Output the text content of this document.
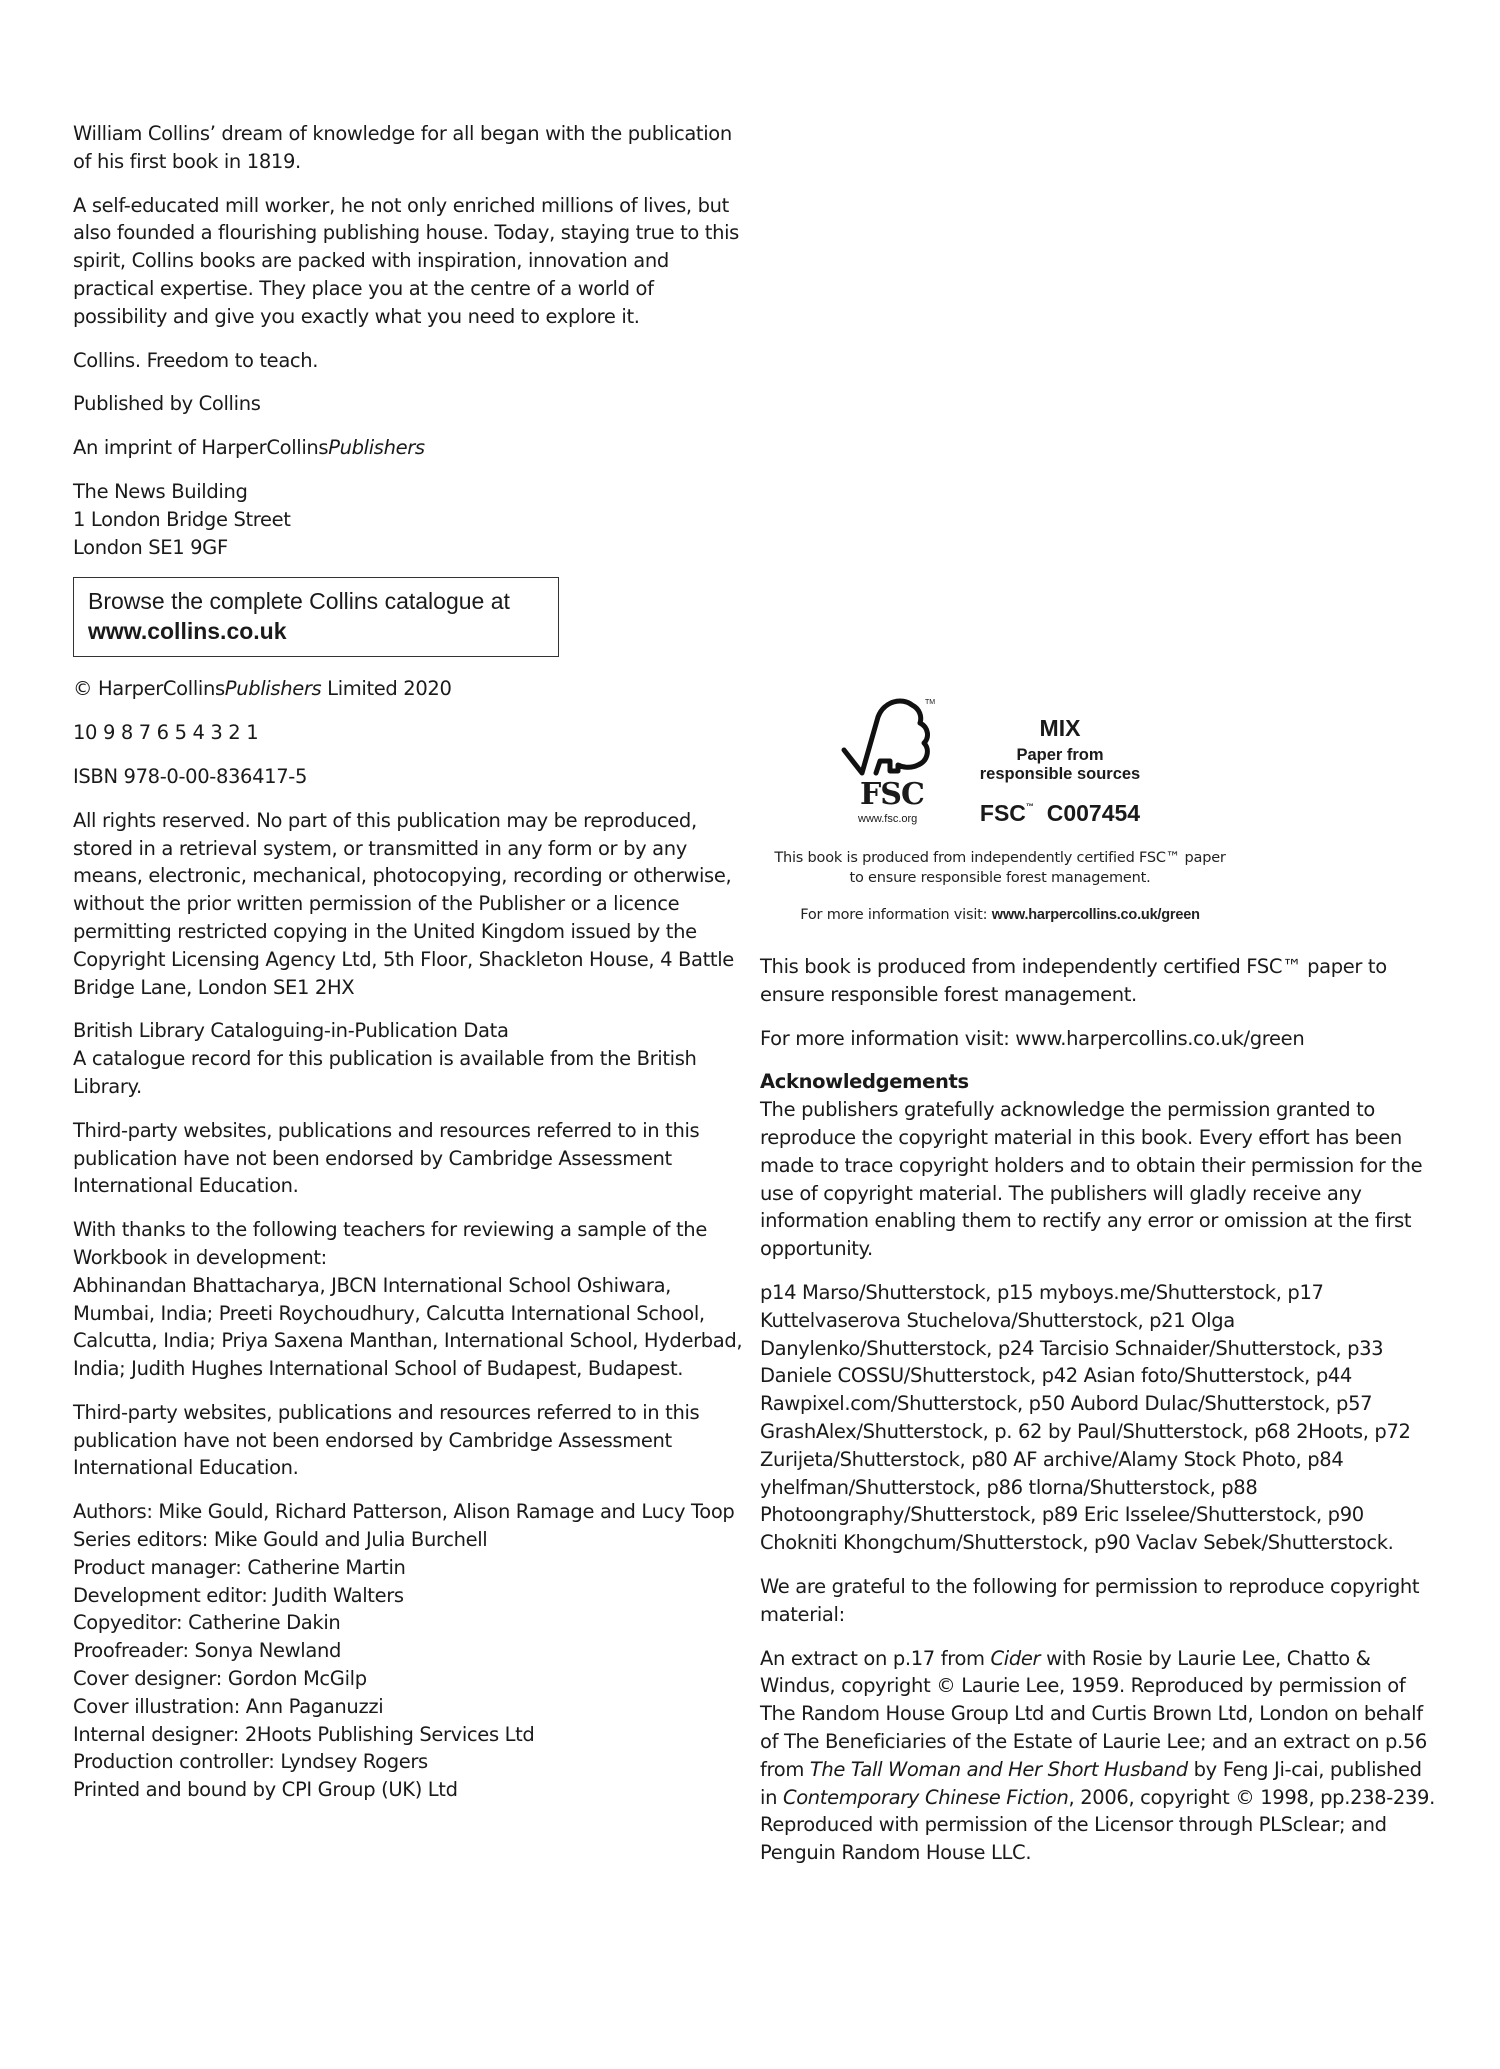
William Collins’ dream of knowledge for all began with the publication of his first book in 1819.

A self-educated mill worker, he not only enriched millions of lives, but also founded a flourishing publishing house. Today, staying true to this spirit, Collins books are packed with inspiration, innovation and practical expertise. They place you at the centre of a world of possibility and give you exactly what you need to explore it.

Collins. Freedom to teach.

Published by Collins

An imprint of HarperCollinsPublishers

The News Building
1 London Bridge Street
London SE1 9GF

Browse the complete Collins catalogue at
www.collins.co.uk

© HarperCollinsPublishers Limited 2020

10 9 8 7 6 5 4 3 2 1

ISBN 978-0-00-836417-5

All rights reserved. No part of this publication may be reproduced, stored in a retrieval system, or transmitted in any form or by any means, electronic, mechanical, photocopying, recording or otherwise, without the prior written permission of the Publisher or a licence permitting restricted copying in the United Kingdom issued by the Copyright Licensing Agency Ltd, 5th Floor, Shackleton House, 4 Battle Bridge Lane, London SE1 2HX

British Library Cataloguing-in-Publication Data
A catalogue record for this publication is available from the British Library.

Third-party websites, publications and resources referred to in this publication have not been endorsed by Cambridge Assessment International Education.

With thanks to the following teachers for reviewing a sample of the Workbook in development:
Abhinandan Bhattacharya, JBCN International School Oshiwara, Mumbai, India; Preeti Roychoudhury, Calcutta International School, Calcutta, India; Priya Saxena Manthan, International School, Hyderbad, India; Judith Hughes International School of Budapest, Budapest.

Third-party websites, publications and resources referred to in this publication have not been endorsed by Cambridge Assessment International Education.

Authors: Mike Gould, Richard Patterson, Alison Ramage and Lucy Toop
Series editors: Mike Gould and Julia Burchell
Product manager: Catherine Martin
Development editor: Judith Walters
Copyeditor: Catherine Dakin
Proofreader: Sonya Newland
Cover designer: Gordon McGilp
Cover illustration: Ann Paganuzzi
Internal designer: 2Hoots Publishing Services Ltd
Production controller: Lyndsey Rogers
Printed and bound by CPI Group (UK) Ltd

TM
FSC
www.fsc.org
MIX
Paper from
responsible sources
FSC™ C007454
This book is produced from independently certified FSC™ paper
to ensure responsible forest management.
For more information visit: www.harpercollins.co.uk/green

This book is produced from independently certified FSC™ paper to ensure responsible forest management.

For more information visit: www.harpercollins.co.uk/green

Acknowledgements
The publishers gratefully acknowledge the permission granted to reproduce the copyright material in this book. Every effort has been made to trace copyright holders and to obtain their permission for the use of copyright material. The publishers will gladly receive any information enabling them to rectify any error or omission at the first opportunity.

p14 Marso/Shutterstock, p15 myboys.me/Shutterstock, p17 Kuttelvaserova Stuchelova/Shutterstock, p21 Olga Danylenko/Shutterstock, p24 Tarcisio Schnaider/Shutterstock, p33 Daniele COSSU/Shutterstock, p42 Asian foto/Shutterstock, p44 Rawpixel.com/Shutterstock, p50 Aubord Dulac/Shutterstock, p57 GrashAlex/Shutterstock, p. 62 by Paul/Shutterstock, p68 2Hoots, p72 Zurijeta/Shutterstock, p80 AF archive/Alamy Stock Photo, p84 yhelfman/Shutterstock, p86 tlorna/Shutterstock, p88 Photoongraphy/Shutterstock, p89 Eric Isselee/Shutterstock, p90 Chokniti Khongchum/Shutterstock, p90 Vaclav Sebek/Shutterstock.

We are grateful to the following for permission to reproduce copyright material:

An extract on p.17 from Cider with Rosie by Laurie Lee, Chatto & Windus, copyright © Laurie Lee, 1959. Reproduced by permission of The Random House Group Ltd and Curtis Brown Ltd, London on behalf of The Beneficiaries of the Estate of Laurie Lee; and an extract on p.56 from The Tall Woman and Her Short Husband by Feng Ji-cai, published in Contemporary Chinese Fiction, 2006, copyright © 1998, pp.238-239. Reproduced with permission of the Licensor through PLSclear; and Penguin Random House LLC.
